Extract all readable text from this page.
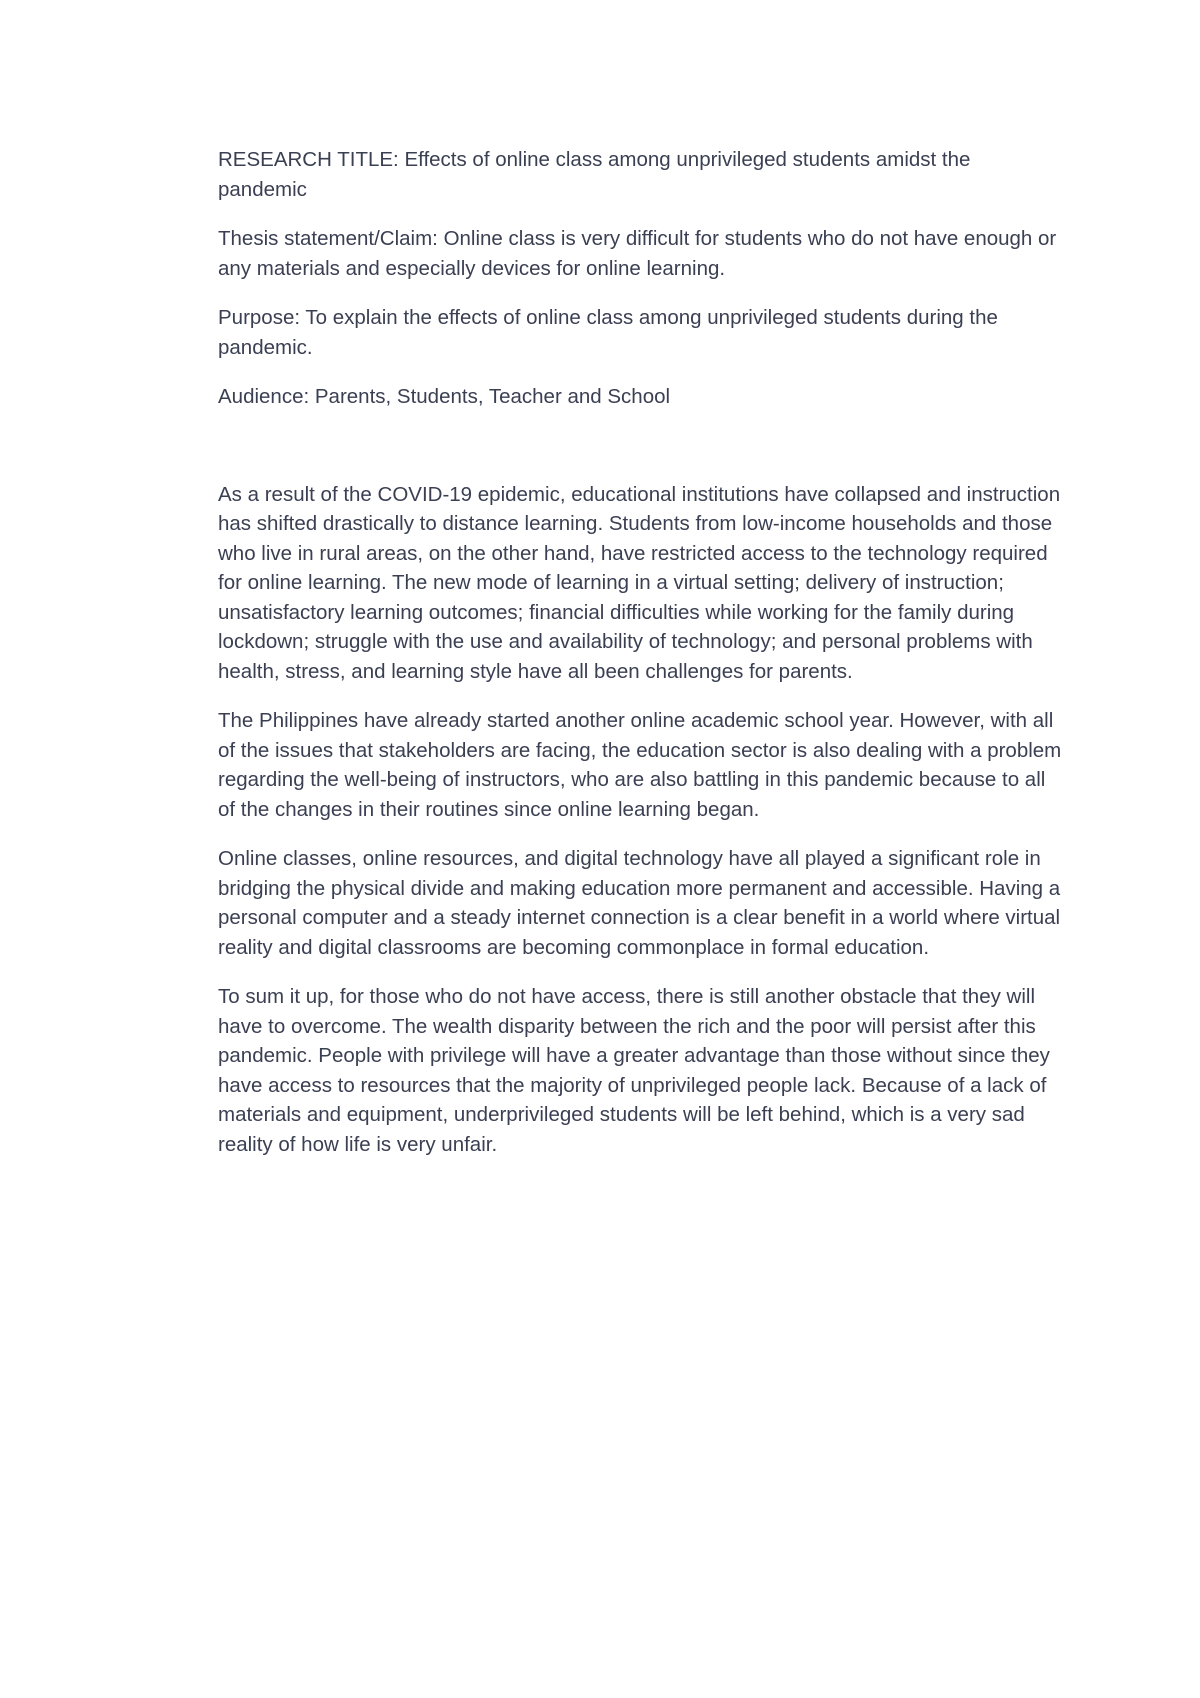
RESEARCH TITLE: Effects of online class among unprivileged students amidst the pandemic

Thesis statement/Claim: Online class is very difficult for students who do not have enough or any materials and especially devices for online learning.

Purpose: To explain the effects of online class among unprivileged students during the pandemic.

Audience: Parents, Students, Teacher and School

As a result of the COVID-19 epidemic, educational institutions have collapsed and instruction has shifted drastically to distance learning. Students from low-income households and those who live in rural areas, on the other hand, have restricted access to the technology required for online learning. The new mode of learning in a virtual setting; delivery of instruction; unsatisfactory learning outcomes; financial difficulties while working for the family during lockdown; struggle with the use and availability of technology; and personal problems with health, stress, and learning style have all been challenges for parents.

The Philippines have already started another online academic school year. However, with all of the issues that stakeholders are facing, the education sector is also dealing with a problem regarding the well-being of instructors, who are also battling in this pandemic because to all of the changes in their routines since online learning began.

Online classes, online resources, and digital technology have all played a significant role in bridging the physical divide and making education more permanent and accessible. Having a personal computer and a steady internet connection is a clear benefit in a world where virtual reality and digital classrooms are becoming commonplace in formal education.

To sum it up, for those who do not have access, there is still another obstacle that they will have to overcome. The wealth disparity between the rich and the poor will persist after this pandemic. People with privilege will have a greater advantage than those without since they have access to resources that the majority of unprivileged people lack. Because of a lack of materials and equipment, underprivileged students will be left behind, which is a very sad reality of how life is very unfair.
